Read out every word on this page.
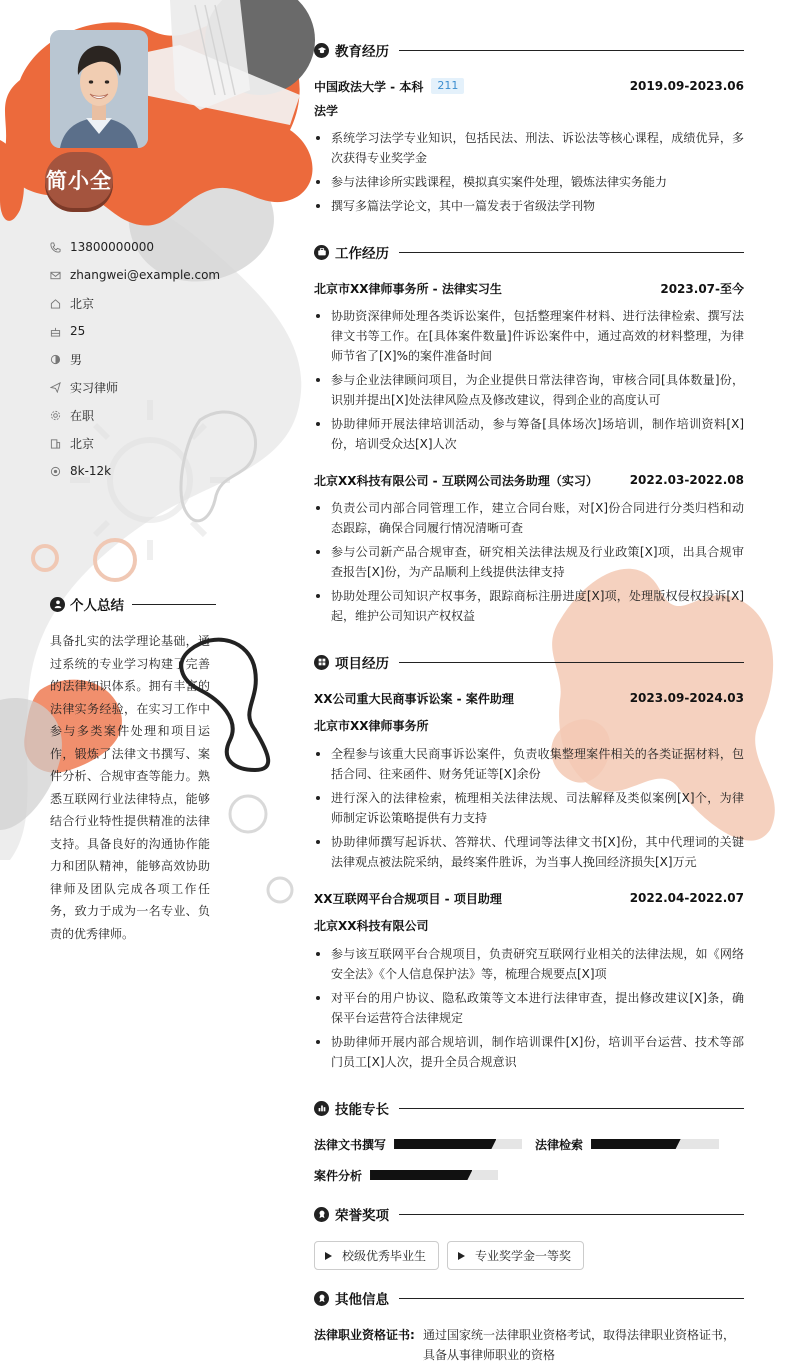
简小全
13800000000
zhangwei@example.com
北京
25
男
实习律师
在职
北京
8k-12k
个人总结
具备扎实的法学理论基础，通过系统的专业学习构建了完善的法律知识体系。拥有丰富的法律实务经验，在实习工作中参与多类案件处理和项目运作，锻炼了法律文书撰写、案件分析、合规审查等能力。熟悉互联网行业法律特点，能够结合行业特性提供精准的法律支持。具备良好的沟通协作能力和团队精神，能够高效协助律师及团队完成各项工作任务，致力于成为一名专业、负责的优秀律师。
教育经历
中国政法大学 - 本科	211	2019.09-2023.06
法学
系统学习法学专业知识，包括民法、刑法、诉讼法等核心课程，成绩优异，多次获得专业奖学金
参与法律诊所实践课程，模拟真实案件处理，锻炼法律实务能力
撰写多篇法学论文，其中一篇发表于省级法学刊物
工作经历
北京市XX律师事务所 - 法律实习生	2023.07-至今
协助资深律师处理各类诉讼案件，包括整理案件材料、进行法律检索、撰写法律文书等工作。在[具体案件数量]件诉讼案件中，通过高效的材料整理，为律师节省了[X]%的案件准备时间
参与企业法律顾问项目，为企业提供日常法律咨询，审核合同[具体数量]份，识别并提出[X]处法律风险点及修改建议，得到企业的高度认可
协助律师开展法律培训活动，参与筹备[具体场次]场培训，制作培训资料[X]份，培训受众达[X]人次
北京XX科技有限公司 - 互联网公司法务助理（实习）	2022.03-2022.08
负责公司内部合同管理工作，建立合同台账，对[X]份合同进行分类归档和动态跟踪，确保合同履行情况清晰可查
参与公司新产品合规审查，研究相关法律法规及行业政策[X]项，出具合规审查报告[X]份，为产品顺利上线提供法律支持
协助处理公司知识产权事务，跟踪商标注册进度[X]项，处理版权侵权投诉[X]起，维护公司知识产权权益
项目经历
XX公司重大民商事诉讼案 - 案件助理	2023.09-2024.03
北京市XX律师事务所
全程参与该重大民商事诉讼案件，负责收集整理案件相关的各类证据材料，包括合同、往来函件、财务凭证等[X]余份
进行深入的法律检索，梳理相关法律法规、司法解释及类似案例[X]个，为律师制定诉讼策略提供有力支持
协助律师撰写起诉状、答辩状、代理词等法律文书[X]份，其中代理词的关键法律观点被法院采纳，最终案件胜诉，为当事人挽回经济损失[X]万元
XX互联网平台合规项目 - 项目助理	2022.04-2022.07
北京XX科技有限公司
参与该互联网平台合规项目，负责研究互联网行业相关的法律法规，如《网络安全法》《个人信息保护法》等，梳理合规要点[X]项
对平台的用户协议、隐私政策等文本进行法律审查，提出修改建议[X]条，确保平台运营符合法律规定
协助律师开展内部合规培训，制作培训课件[X]份，培训平台运营、技术等部门员工[X]人次，提升全员合规意识
技能专长
法律文书撰写	法律检索
案件分析
荣誉奖项
校级优秀毕业生	专业奖学金一等奖
其他信息
法律职业资格证书: 通过国家统一法律职业资格考试，取得法律职业资格证书，具备从事律师职业的资格
